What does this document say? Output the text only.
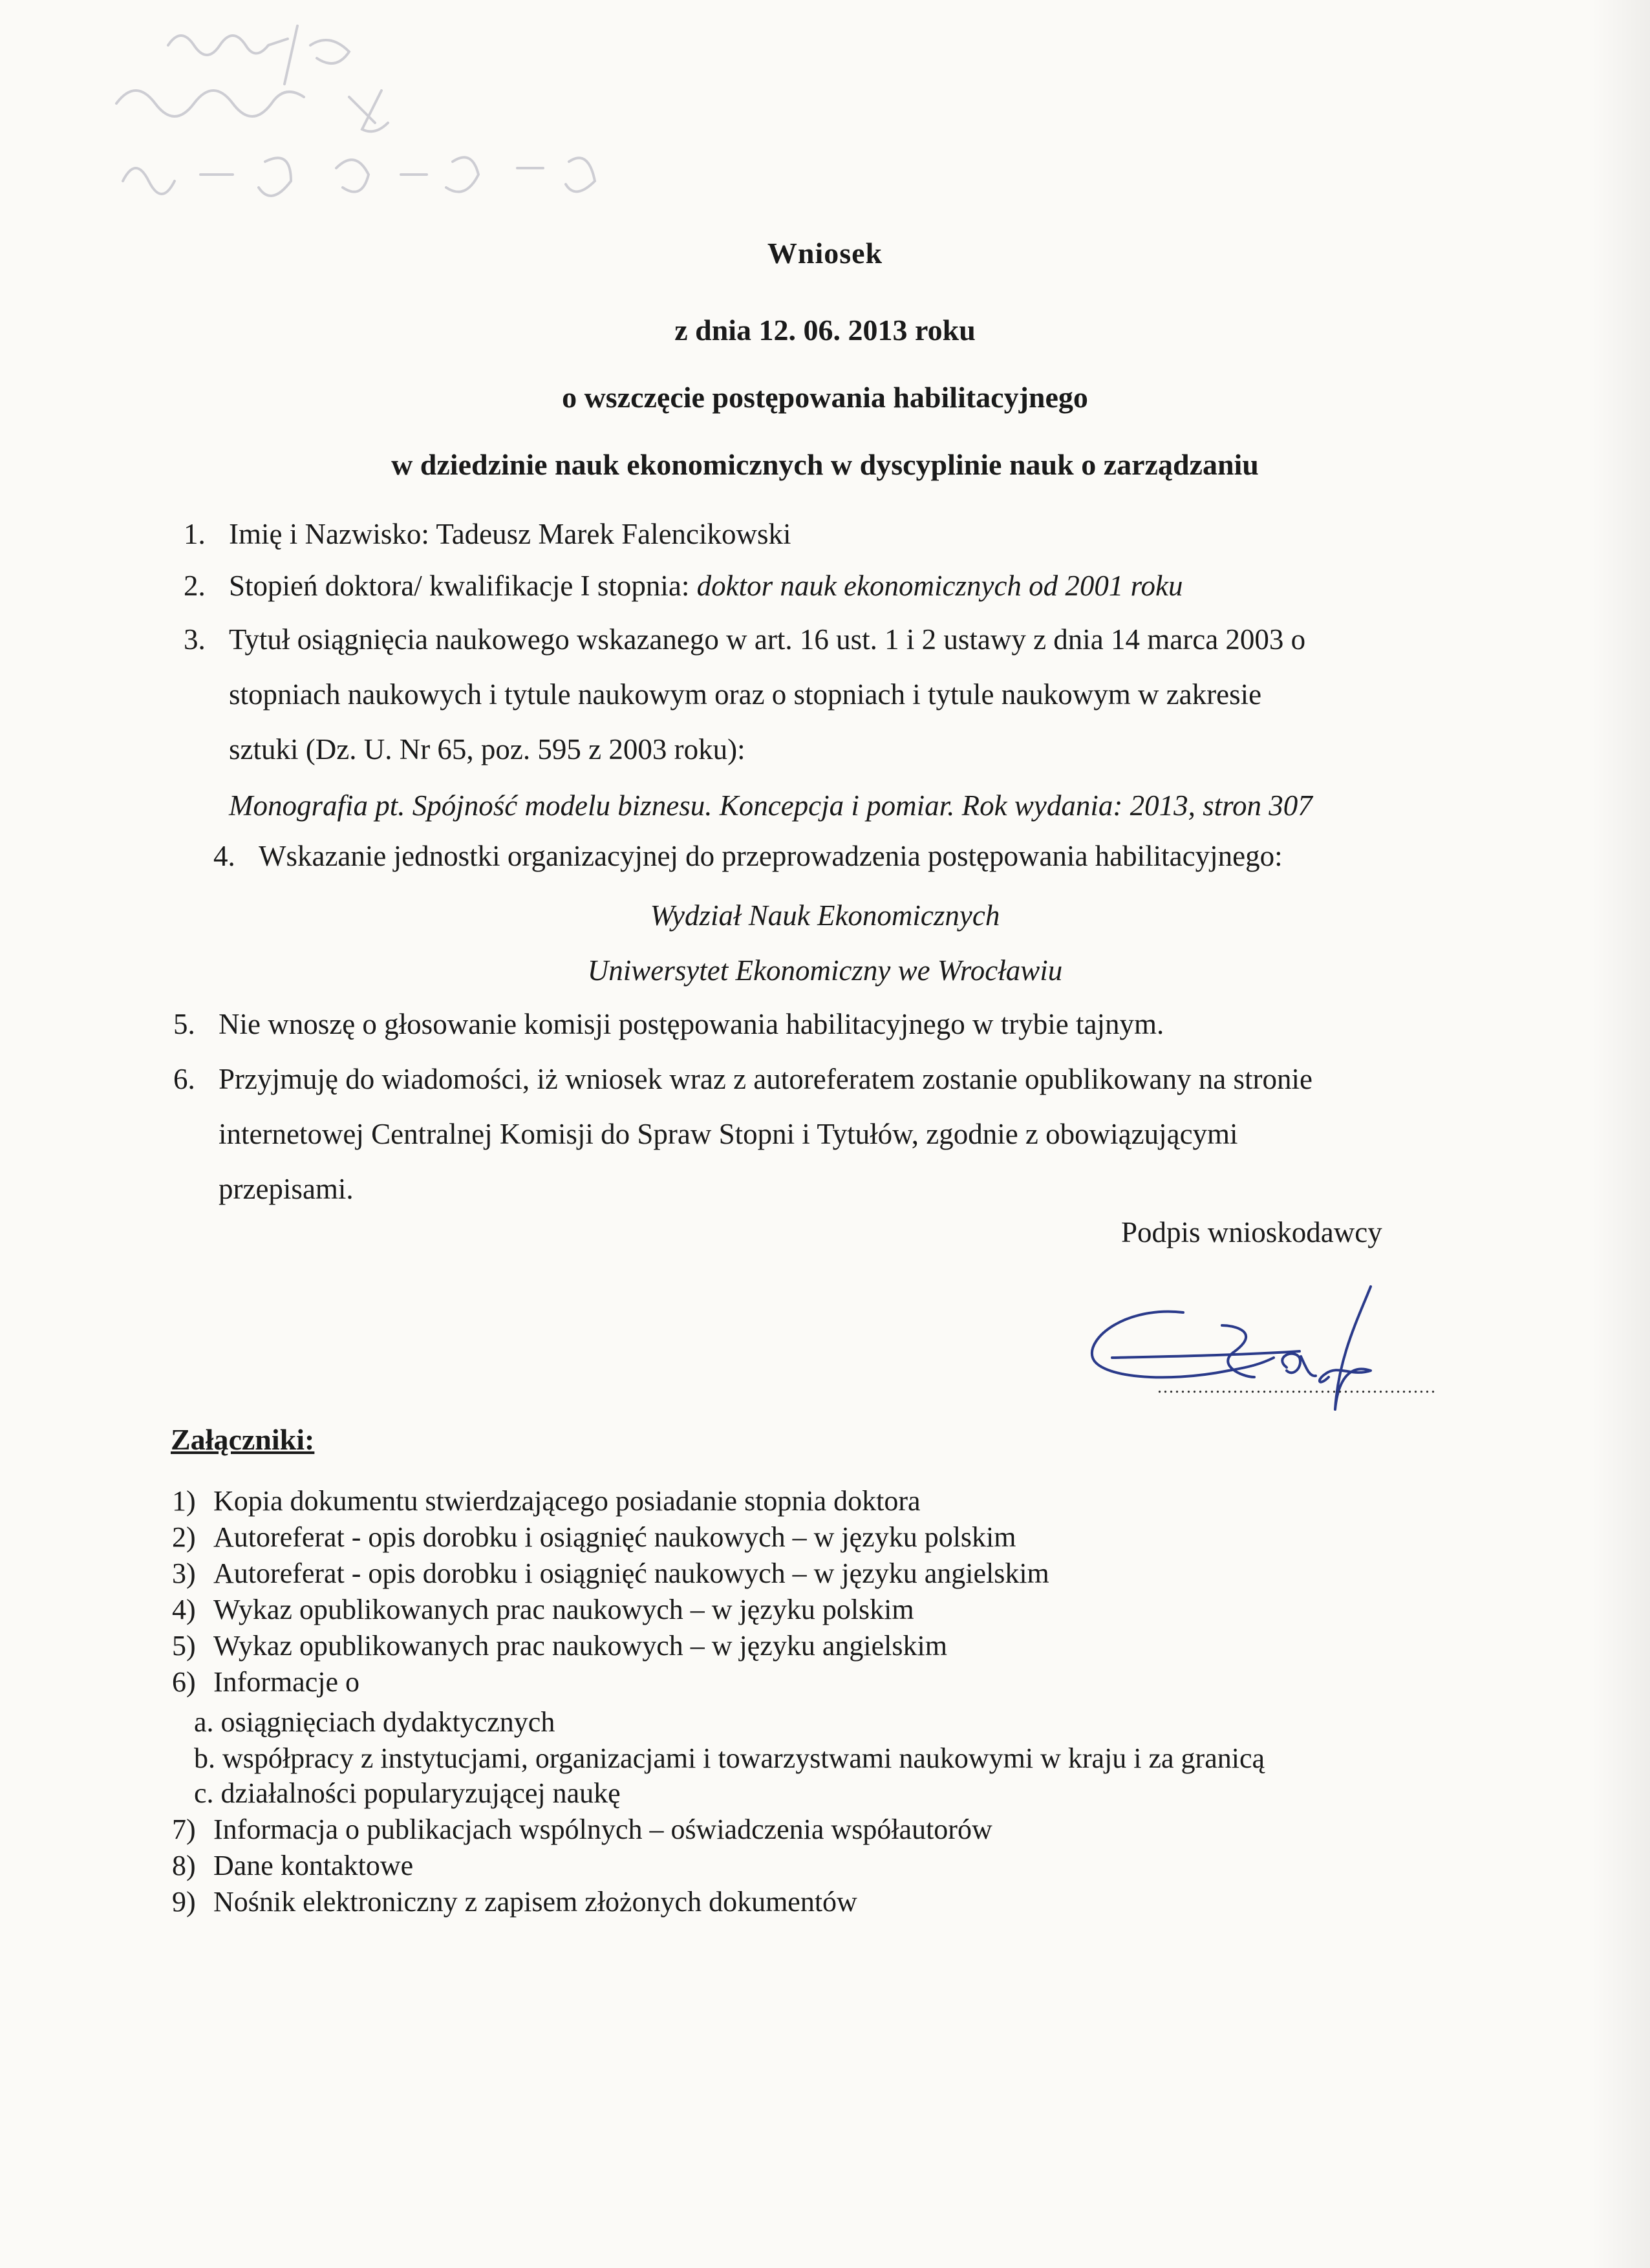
Wrocław
Stolarski
22 - 656 - 63 - 28
Wniosek
z dnia 12. 06. 2013 roku
o wszczęcie postępowania habilitacyjnego
w dziedzinie nauk ekonomicznych w dyscyplinie nauk o zarządzaniu
1. Imię i Nazwisko: Tadeusz Marek Falencikowski
2. Stopień doktora/ kwalifikacje I stopnia: doktor nauk ekonomicznych od 2001 roku
3. Tytuł osiągnięcia naukowego wskazanego w art. 16 ust. 1 i 2 ustawy z dnia 14 marca 2003 o
stopniach naukowych i tytule naukowym oraz o stopniach i tytule naukowym w zakresie
sztuki (Dz. U. Nr 65, poz. 595 z 2003 roku):
Monografia pt. Spójność modelu biznesu. Koncepcja i pomiar. Rok wydania: 2013, stron 307
4. Wskazanie jednostki organizacyjnej do przeprowadzenia postępowania habilitacyjnego:
Wydział Nauk Ekonomicznych
Uniwersytet Ekonomiczny we Wrocławiu
5. Nie wnoszę o głosowanie komisji postępowania habilitacyjnego w trybie tajnym.
6. Przyjmuję do wiadomości, iż wniosek wraz z autoreferatem zostanie opublikowany na stronie
internetowej Centralnej Komisji do Spraw Stopni i Tytułów, zgodnie z obowiązującymi
przepisami.
Podpis wnioskodawcy
................................................
Załączniki:
1) Kopia dokumentu stwierdzającego posiadanie stopnia doktora
2) Autoreferat - opis dorobku i osiągnięć naukowych – w języku polskim
3) Autoreferat - opis dorobku i osiągnięć naukowych – w języku angielskim
4) Wykaz opublikowanych prac naukowych – w języku polskim
5) Wykaz opublikowanych prac naukowych – w języku angielskim
6) Informacje o
a. osiągnięciach dydaktycznych
b. współpracy z instytucjami, organizacjami i towarzystwami naukowymi w kraju i za granicą
c. działalności popularyzującej naukę
7) Informacja o publikacjach wspólnych – oświadczenia współautorów
8) Dane kontaktowe
9) Nośnik elektroniczny z zapisem złożonych dokumentów
